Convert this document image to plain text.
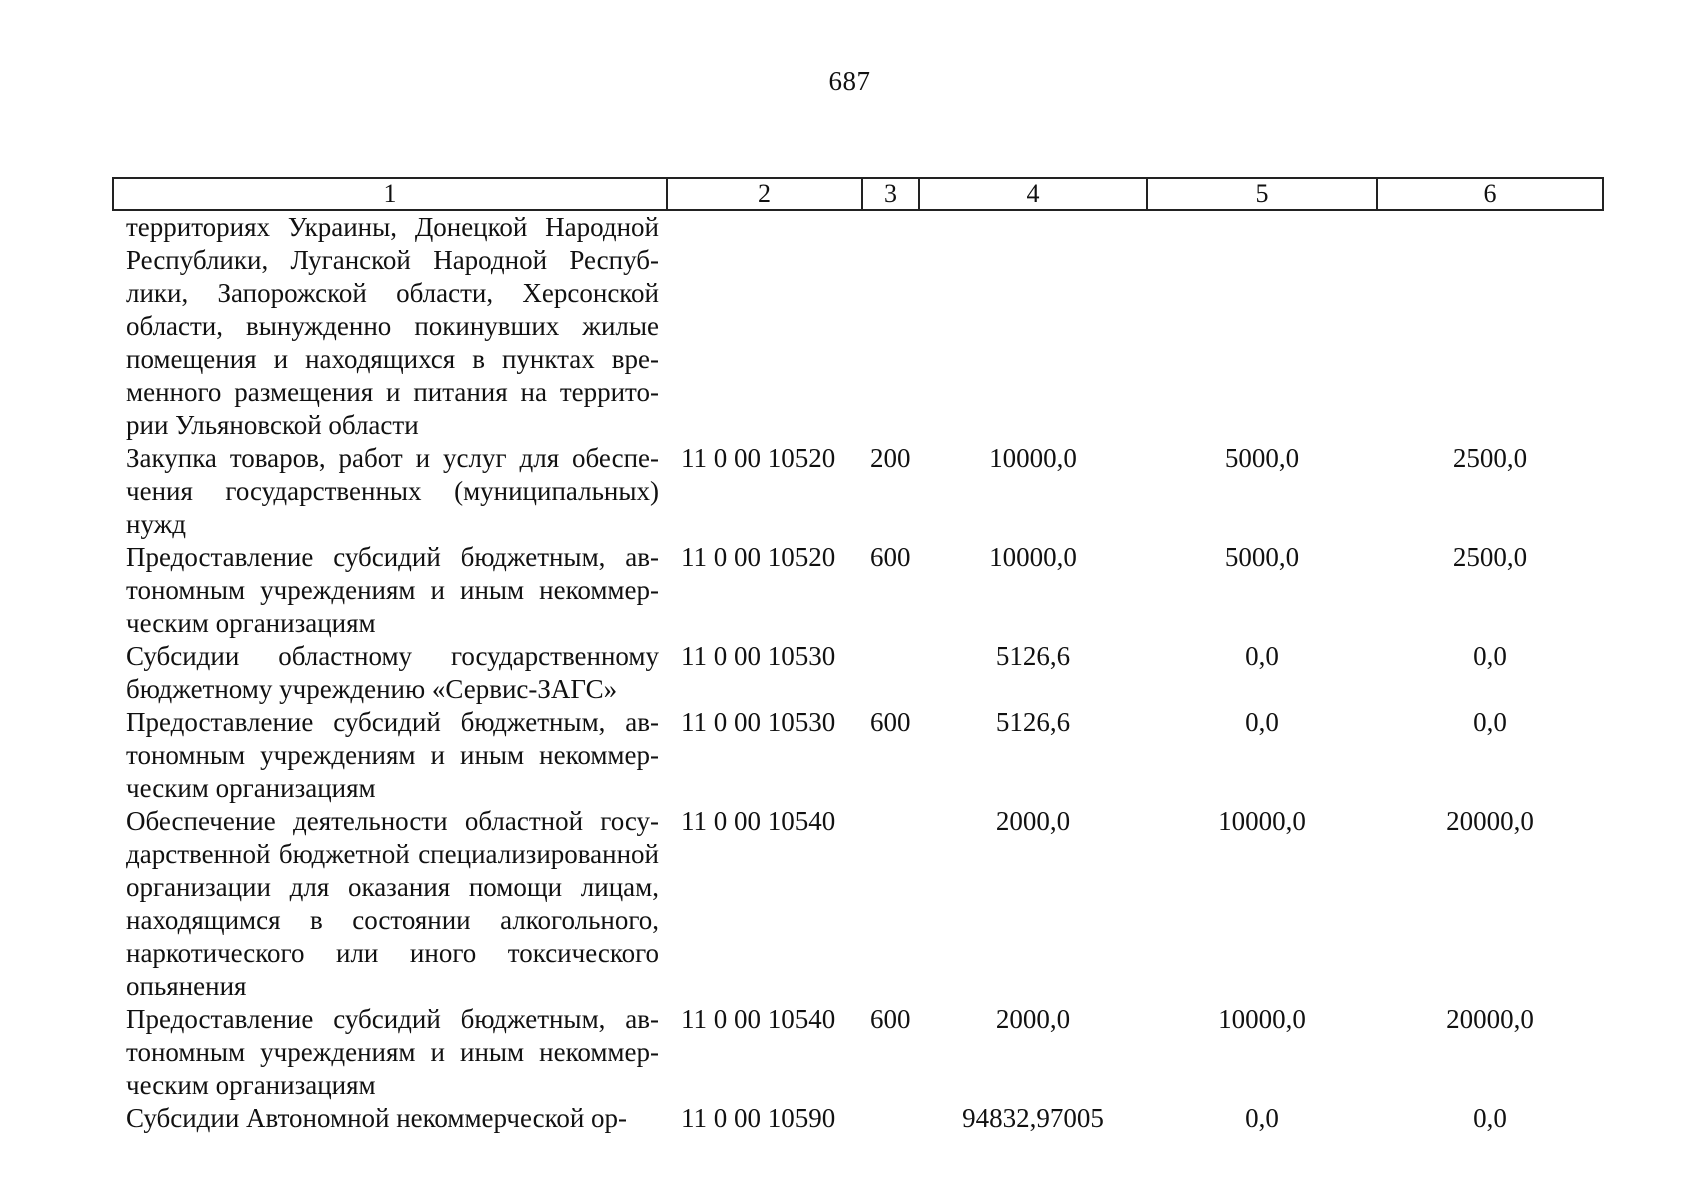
687
1	2	3	4	5	6
территориях Украины, Донецкой Народной Республики, Луганской Народной Республики, Запорожской области, Херсонской области, вынужденно покинувших жилые помещения и находящихся в пунктах временного размещения и питания на территории Ульяновской области					
Закупка товаров, работ и услуг для обеспечения государственных (муниципальных) нужд	11 0 00 10520	200	10000,0	5000,0	2500,0
Предоставление субсидий бюджетным, автономным учреждениям и иным некоммерческим организациям	11 0 00 10520	600	10000,0	5000,0	2500,0
Субсидии областному государственному бюджетному учреждению «Сервис-ЗАГС»	11 0 00 10530		5126,6	0,0	0,0
Предоставление субсидий бюджетным, автономным учреждениям и иным некоммерческим организациям	11 0 00 10530	600	5126,6	0,0	0,0
Обеспечение деятельности областной государственной бюджетной специализированной организации для оказания помощи лицам, находящимся в состоянии алкогольного, наркотического или иного токсического опьянения	11 0 00 10540		2000,0	10000,0	20000,0
Предоставление субсидий бюджетным, автономным учреждениям и иным некоммерческим организациям	11 0 00 10540	600	2000,0	10000,0	20000,0
Субсидии Автономной некоммерческой ор-	11 0 00 10590		94832,97005	0,0	0,0
